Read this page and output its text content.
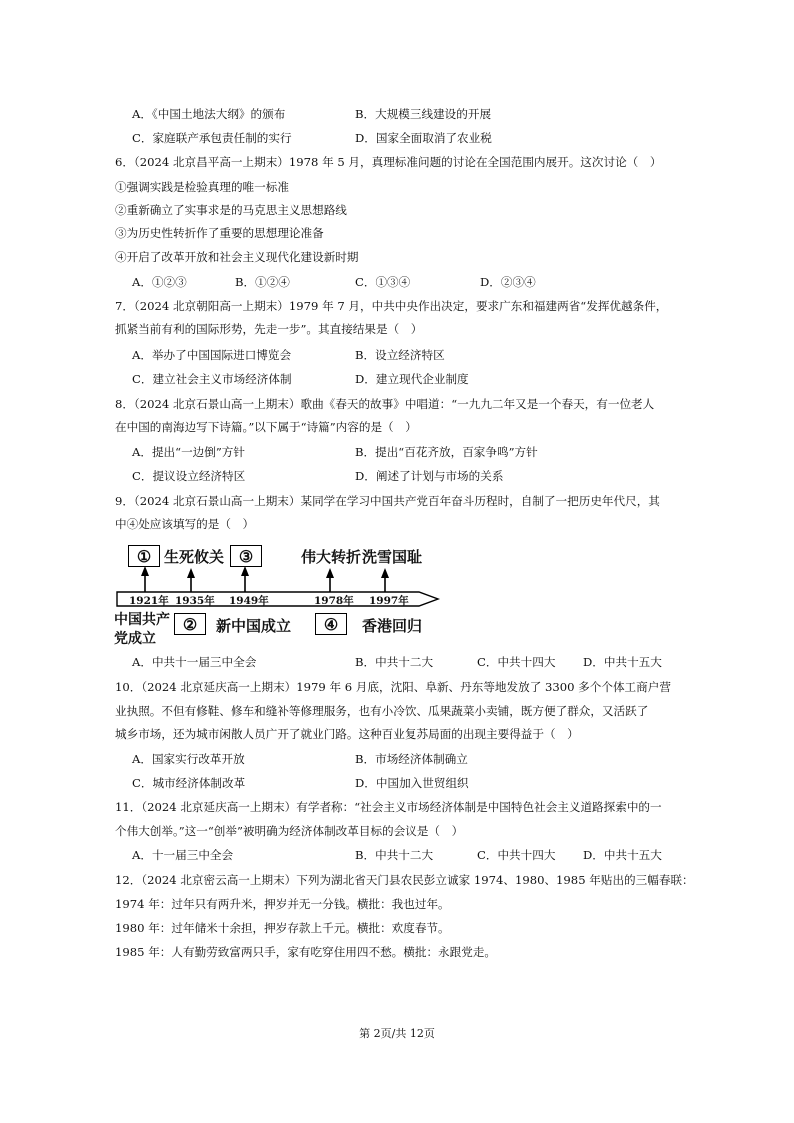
A．《中国土地法大纲》的颁布	B．大规模三线建设的开展
C．家庭联产承包责任制的实行	D．国家全面取消了农业税
6．（2024 北京昌平高一上期末）1978 年 5 月，真理标准问题的讨论在全国范围内展开。这次讨论（　）
①强调实践是检验真理的唯一标准
②重新确立了实事求是的马克思主义思想路线
③为历史性转折作了重要的思想理论准备
④开启了改革开放和社会主义现代化建设新时期
A．①②③	B．①②④	C．①③④	D．②③④
7．（2024 北京朝阳高一上期末）1979 年 7 月，中共中央作出决定，要求广东和福建两省“发挥优越条件，
抓紧当前有利的国际形势，先走一步”。其直接结果是（　）
A．举办了中国国际进口博览会	B．设立经济特区
C．建立社会主义市场经济体制	D．建立现代企业制度
8．（2024 北京石景山高一上期末）歌曲《春天的故事》中唱道：“一九九二年又是一个春天，有一位老人
在中国的南海边写下诗篇。”以下属于“诗篇”内容的是（　）
A．提出“一边倒”方针	B．提出“百花齐放，百家争鸣”方针
C．提议设立经济特区	D．阐述了计划与市场的关系
9．（2024 北京石景山高一上期末）某同学在学习中国共产党百年奋斗历程时，自制了一把历史年代尺，其
中④处应该填写的是（　）
① 生死攸关 ③	伟大转折 洗雪国耻
1921年 1935年 1949年	1978年 1997年
中国共产
党成立
②	新中国成立	④	香港回归
A．中共十一届三中全会	B．中共十二大	C．中共十四大 D．中共十五大
10．（2024 北京延庆高一上期末）1979 年 6 月底，沈阳、阜新、丹东等地发放了 3300 多个个体工商户营
业执照。不但有修鞋、修车和缝补等修理服务，也有小冷饮、瓜果蔬菜小卖铺，既方便了群众，又活跃了
城乡市场，还为城市闲散人员广开了就业门路。这种百业复苏局面的出现主要得益于（　）
A．国家实行改革开放	B．市场经济体制确立
C．城市经济体制改革	D．中国加入世贸组织
11．（2024 北京延庆高一上期末）有学者称：“社会主义市场经济体制是中国特色社会主义道路探索中的一
个伟大创举。”这一“创举”被明确为经济体制改革目标的会议是（　）
A．十一届三中全会	B．中共十二大	C．中共十四大 D．中共十五大
12．（2024 北京密云高一上期末）下列为湖北省天门县农民彭立诚家 1974、1980、1985 年贴出的三幅春联：
1974 年：过年只有两升米，押岁并无一分钱。横批：我也过年。
1980 年：过年储米十余担，押岁存款上千元。横批：欢度春节。
1985 年：人有勤劳致富两只手，家有吃穿住用四不愁。横批：永跟党走。
第 2页/共 12页
